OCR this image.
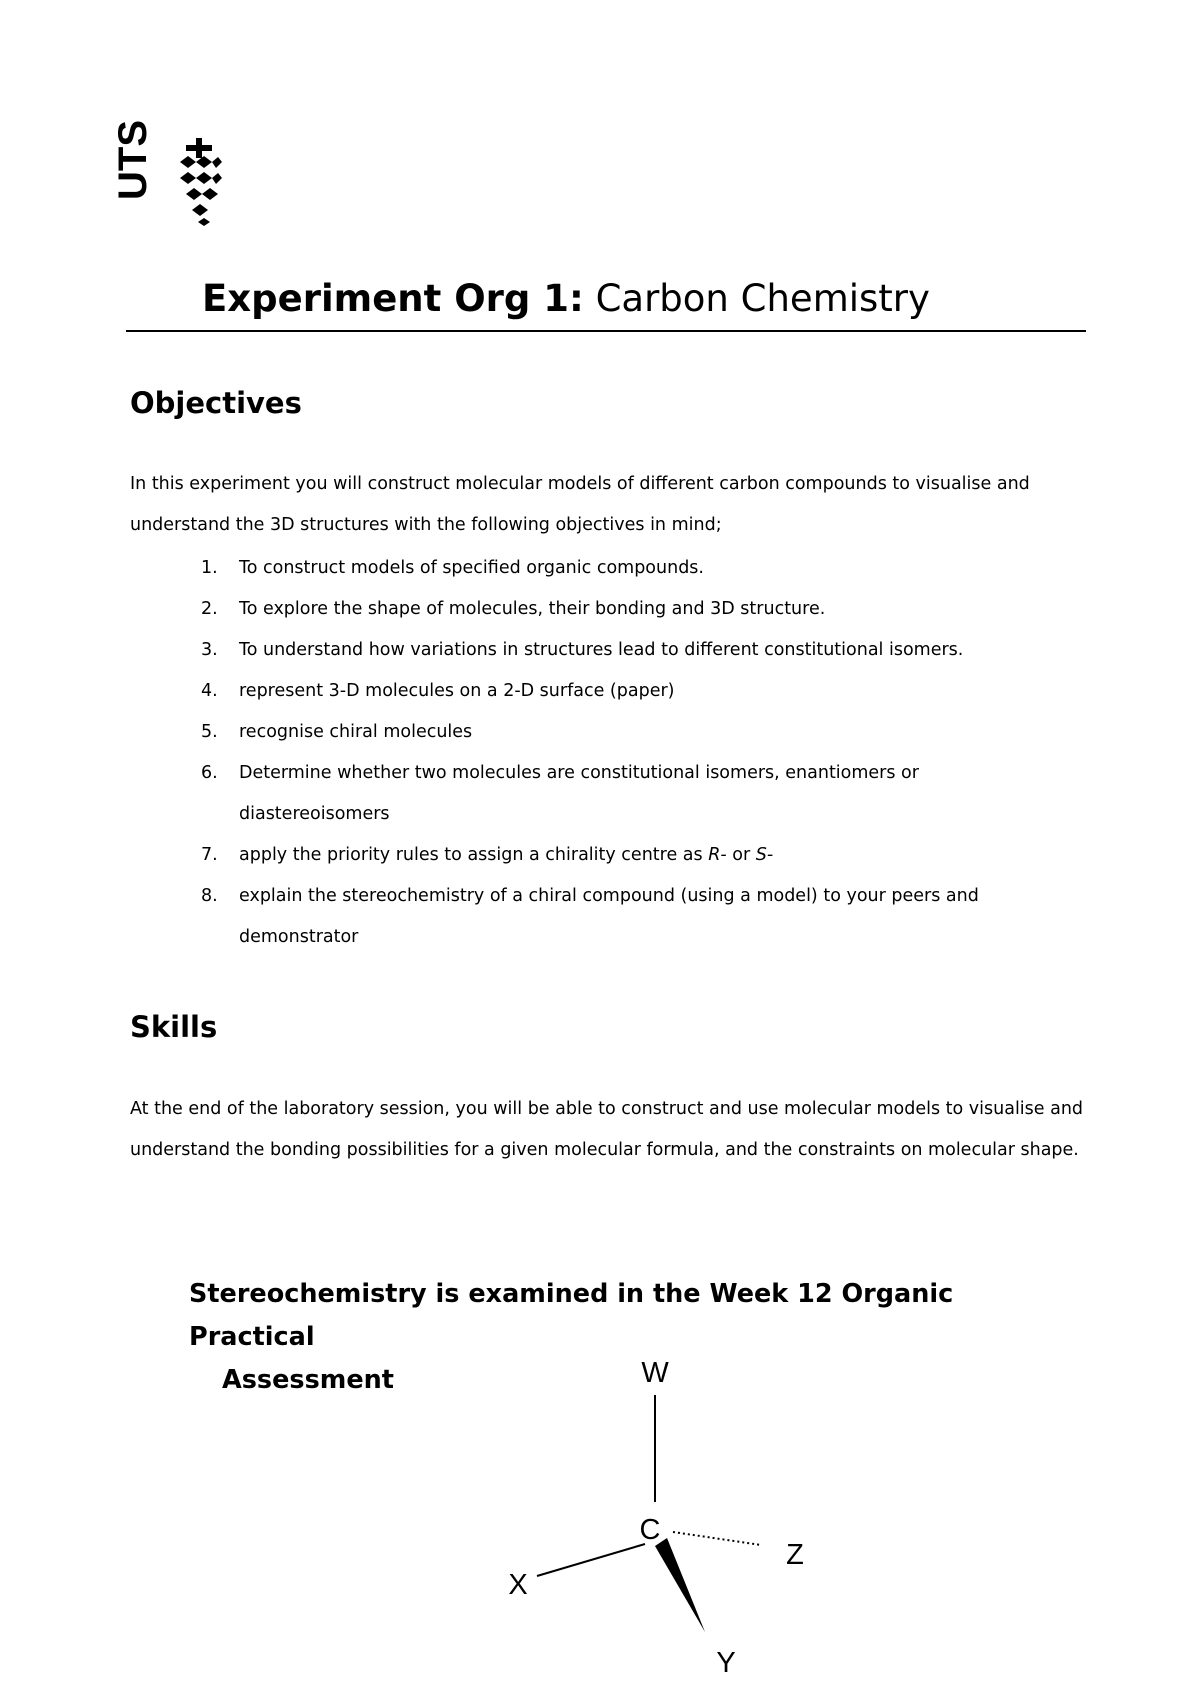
UTS
Experiment Org 1: Carbon Chemistry
Objectives

In this experiment you will construct molecular models of different carbon compounds to visualise and understand the 3D structures with the following objectives in mind;

1. To construct models of specified organic compounds.
2. To explore the shape of molecules, their bonding and 3D structure.
3. To understand how variations in structures lead to different constitutional isomers.
4. represent 3-D molecules on a 2-D surface (paper)
5. recognise chiral molecules
6. Determine whether two molecules are constitutional isomers, enantiomers or diastereoisomers
7. apply the priority rules to assign a chirality centre as R- or S-
8. explain the stereochemistry of a chiral compound (using a model) to your peers and demonstrator
Skills

At the end of the laboratory session, you will be able to construct and use molecular models to visualise and understand the bonding possibilities for a given molecular formula, and the constraints on molecular shape.

Stereochemistry is examined in the Week 12 Organic Practical
Assessment	W
C
X
Z
Y
